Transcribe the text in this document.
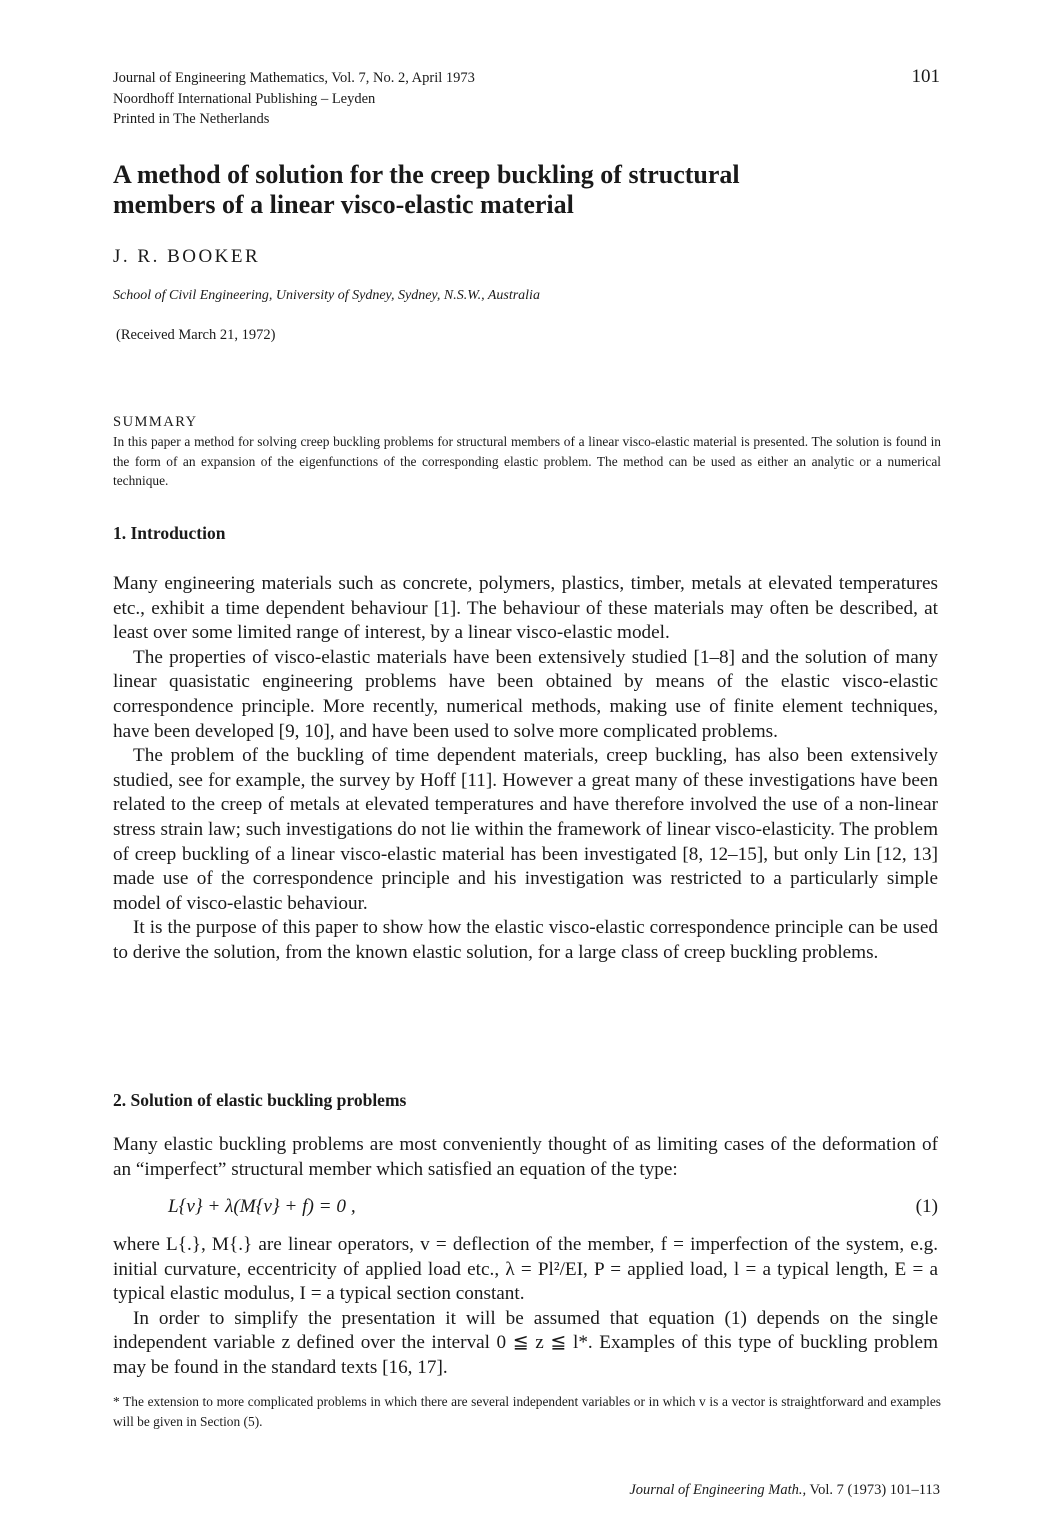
Journal of Engineering Mathematics, Vol. 7, No. 2, April 1973
Noordhoff International Publishing – Leyden
Printed in The Netherlands
101
A method of solution for the creep buckling of structural
members of a linear visco-elastic material
J. R. BOOKER
School of Civil Engineering, University of Sydney, Sydney, N.S.W., Australia
(Received March 21, 1972)
SUMMARY
In this paper a method for solving creep buckling problems for structural members of a linear visco-elastic material is presented. The solution is found in the form of an expansion of the eigenfunctions of the corresponding elastic problem. The method can be used as either an analytic or a numerical technique.
1. Introduction

Many engineering materials such as concrete, polymers, plastics, timber, metals at elevated temperatures etc., exhibit a time dependent behaviour [1]. The behaviour of these materials may often be described, at least over some limited range of interest, by a linear visco-elastic model.

The properties of visco-elastic materials have been extensively studied [1–8] and the solution of many linear quasistatic engineering problems have been obtained by means of the elastic visco-elastic correspondence principle. More recently, numerical methods, making use of finite element techniques, have been developed [9, 10], and have been used to solve more complicated problems.

The problem of the buckling of time dependent materials, creep buckling, has also been extensively studied, see for example, the survey by Hoff [11]. However a great many of these investigations have been related to the creep of metals at elevated temperatures and have therefore involved the use of a non-linear stress strain law; such investigations do not lie within the framework of linear visco-elasticity. The problem of creep buckling of a linear visco-elastic material has been investigated [8, 12–15], but only Lin [12, 13] made use of the correspondence principle and his investigation was restricted to a particularly simple model of visco-elastic behaviour.

It is the purpose of this paper to show how the elastic visco-elastic correspondence principle can be used to derive the solution, from the known elastic solution, for a large class of creep buckling problems.

2. Solution of elastic buckling problems

Many elastic buckling problems are most conveniently thought of as limiting cases of the deformation of an “imperfect” structural member which satisfied an equation of the type:

L{v} + λ(M{v} + f) = 0 ,	(1)

where L{.}, M{.} are linear operators, v = deflection of the member, f = imperfection of the system, e.g. initial curvature, eccentricity of applied load etc., λ = Pl²/EI, P = applied load, l = a typical length, E = a typical elastic modulus, I = a typical section constant.

In order to simplify the presentation it will be assumed that equation (1) depends on the single independent variable z defined over the interval 0 ≦ z ≦ l*. Examples of this type of buckling problem may be found in the standard texts [16, 17].

* The extension to more complicated problems in which there are several independent variables or in which v is a vector is straightforward and examples will be given in Section (5).
Journal of Engineering Math., Vol. 7 (1973) 101–113
